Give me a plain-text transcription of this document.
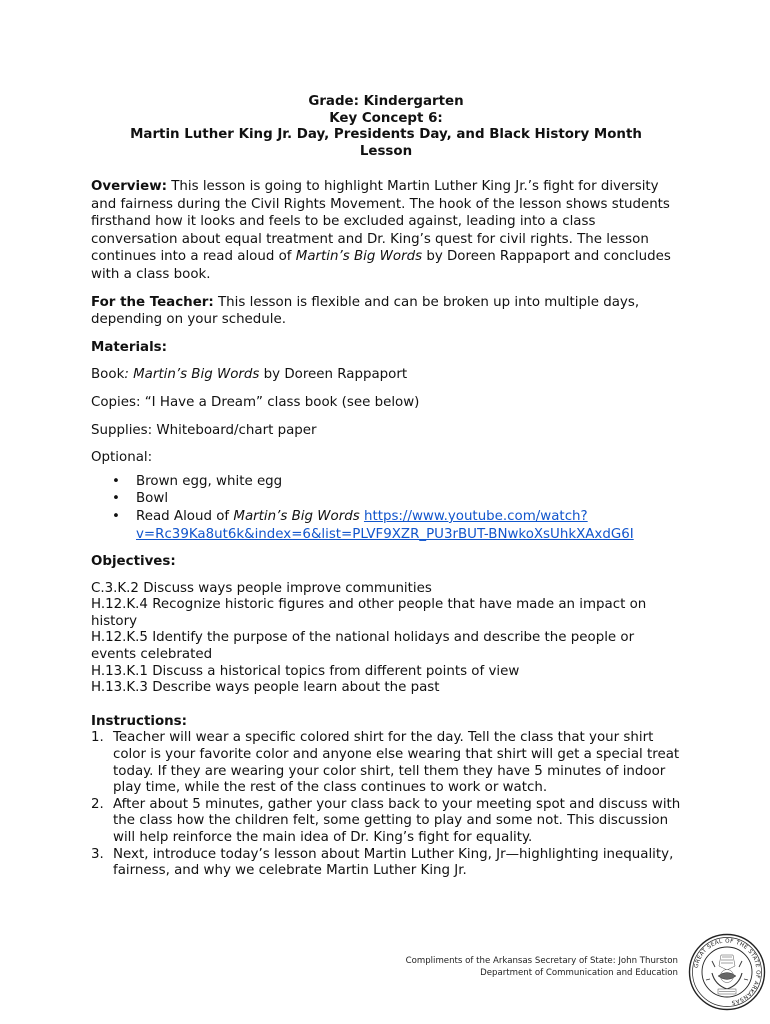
Grade: Kindergarten
Key Concept 6:
Martin Luther King Jr. Day, Presidents Day, and Black History Month
Lesson

Overview: This lesson is going to highlight Martin Luther King Jr.’s fight for diversity and fairness during the Civil Rights Movement. The hook of the lesson shows students firsthand how it looks and feels to be excluded against, leading into a class conversation about equal treatment and Dr. King’s quest for civil rights. The lesson continues into a read aloud of Martin’s Big Words by Doreen Rappaport and concludes with a class book.

For the Teacher: This lesson is flexible and can be broken up into multiple days, depending on your schedule.

Materials:

Book: Martin’s Big Words by Doreen Rappaport

Copies: “I Have a Dream” class book (see below)

Supplies: Whiteboard/chart paper

Optional:

• Brown egg, white egg
• Bowl
• Read Aloud of Martin’s Big Words https://www.youtube.com/watch?
v=Rc39Ka8ut6k&index=6&list=PLVF9XZR_PU3rBUT-BNwkoXsUhkXAxdG6I

Objectives:

C.3.K.2 Discuss ways people improve communities

H.12.K.4 Recognize historic figures and other people that have made an impact on history

H.12.K.5 Identify the purpose of the national holidays and describe the people or events celebrated

H.13.K.1 Discuss a historical topics from different points of view

H.13.K.3 Describe ways people learn about the past

Instructions:

1. Teacher will wear a specific colored shirt for the day. Tell the class that your shirt color is your favorite color and anyone else wearing that shirt will get a special treat today. If they are wearing your color shirt, tell them they have 5 minutes of indoor play time, while the rest of the class continues to work or watch.
2. After about 5 minutes, gather your class back to your meeting spot and discuss with the class how the children felt, some getting to play and some not. This discussion will help reinforce the main idea of Dr. King’s fight for equality.
3. Next, introduce today’s lesson about Martin Luther King, Jr—highlighting inequality, fairness, and why we celebrate Martin Luther King Jr.
Compliments of the Arkansas Secretary of State: John Thurston
Department of Communication and Education
GREAT SEAL OF THE STATE OF ARKANSAS
